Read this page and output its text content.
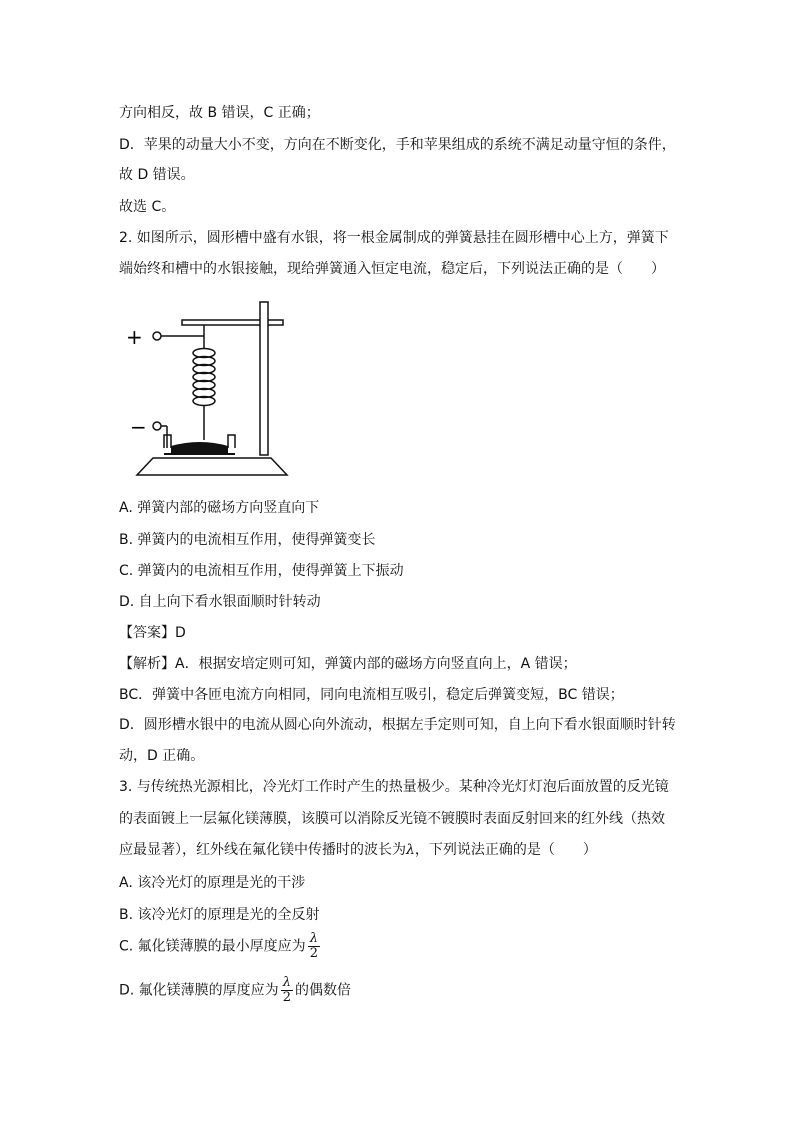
方向相反，故 B 错误，C 正确；
D．苹果的动量大小不变，方向在不断变化，手和苹果组成的系统不满足动量守恒的条件，
故 D 错误。
故选 C。
2. 如图所示，圆形槽中盛有水银，将一根金属制成的弹簧悬挂在圆形槽中心上方，弹簧下
端始终和槽中的水银接触，现给弹簧通入恒定电流，稳定后，下列说法正确的是（　　）
+
−
A. 弹簧内部的磁场方向竖直向下
B. 弹簧内的电流相互作用，使得弹簧变长
C. 弹簧内的电流相互作用，使得弹簧上下振动
D. 自上向下看水银面顺时针转动
【答案】D
【解析】A．根据安培定则可知，弹簧内部的磁场方向竖直向上，A 错误；
BC．弹簧中各匝电流方向相同，同向电流相互吸引，稳定后弹簧变短，BC 错误；
D．圆形槽水银中的电流从圆心向外流动，根据左手定则可知，自上向下看水银面顺时针转
动，D 正确。
3. 与传统热光源相比，冷光灯工作时产生的热量极少。某种冷光灯灯泡后面放置的反光镜
的表面镀上一层氟化镁薄膜，该膜可以消除反光镜不镀膜时表面反射回来的红外线（热效
应最显著），红外线在氟化镁中传播时的波长为λ，下列说法正确的是（　　）
A. 该冷光灯的原理是光的干涉
B. 该冷光灯的原理是光的全反射
C. 氟化镁薄膜的最小厚度应为 $\frac{\lambda}{2}$
D. 氟化镁薄膜的厚度应为 $\frac{\lambda}{2}$ 的偶数倍
